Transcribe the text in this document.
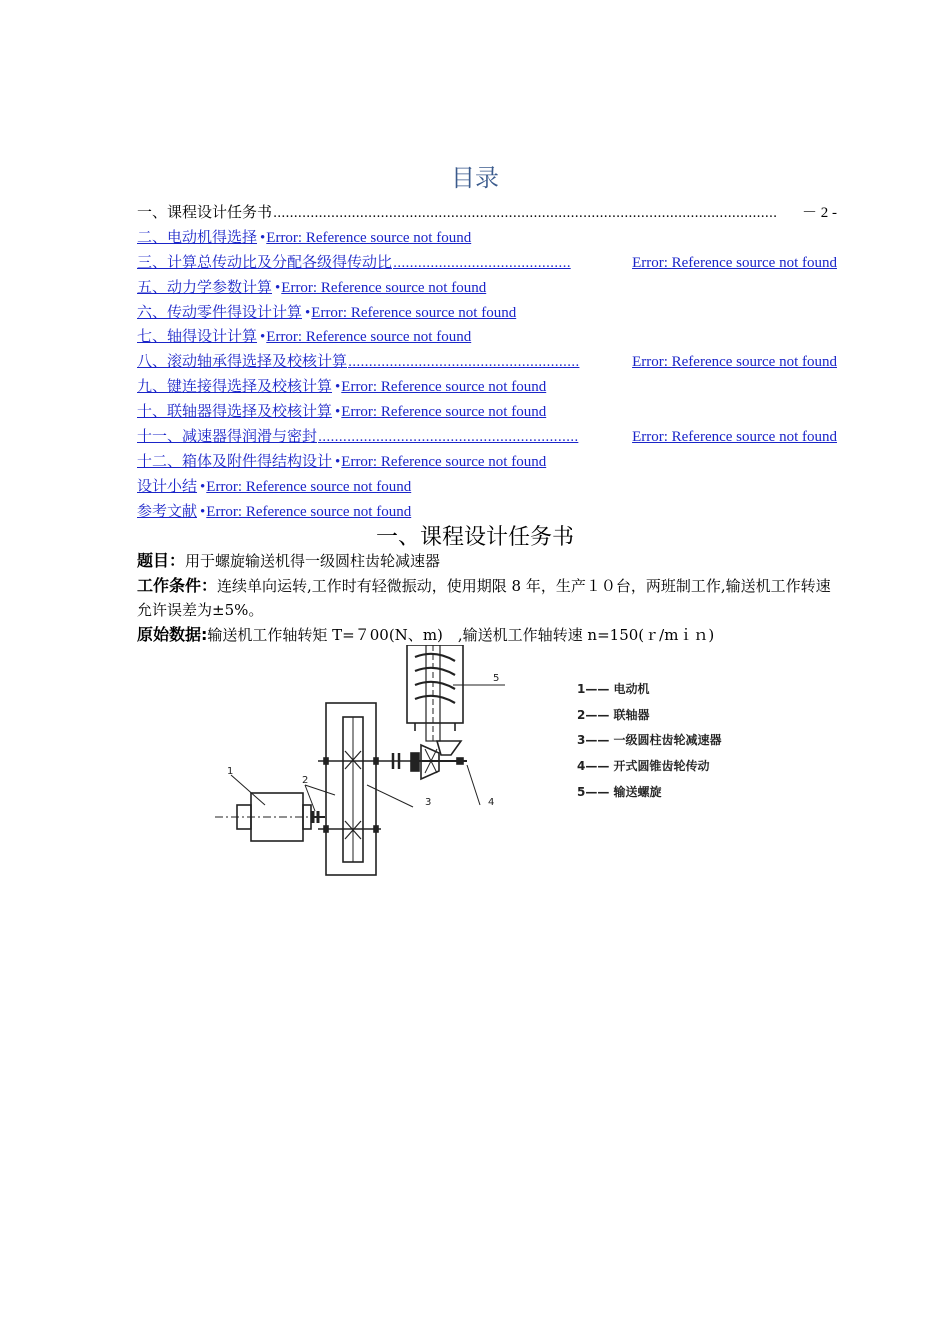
目录
一、课程设计任务书 ..........................................................................................................................	－ 2 -
二、电动机得选择 • Error: Reference source not found
三、计算总传动比及分配各级得传动比 ...........................................	Error: Reference source not found
五、动力学参数计算 • Error: Reference source not found
六、传动零件得设计计算 • Error: Reference source not found
七、轴得设计计算 • Error: Reference source not found
八、滚动轴承得选择及校核计算 ........................................................	Error: Reference source not found
九、键连接得选择及校核计算 • Error: Reference source not found
十、联轴器得选择及校核计算 • Error: Reference source not found
十一、减速器得润滑与密封 ...............................................................	Error: Reference source not found
十二、箱体及附件得结构设计 • Error: Reference source not found
设计小结 • Error: Reference source not found
参考文献 • Error: Reference source not found
一、课程设计任务书
题目：用于螺旋输送机得一级圆柱齿轮减速器
工作条件：连续单向运转,工作时有轻微振动，使用期限 8 年，生产１０台，两班制工作,输送机工作转速允许误差为±5%。
原始数据:输送机工作轴转矩 T=７00(N、m)　,输送机工作轴转速 n=150(ｒ/mｉｎ)
1
2
3	4
5
1—— 电动机
2—— 联轴器
3—— 一级圆柱齿轮减速器
4—— 开式圆锥齿轮传动
5—— 输送螺旋
